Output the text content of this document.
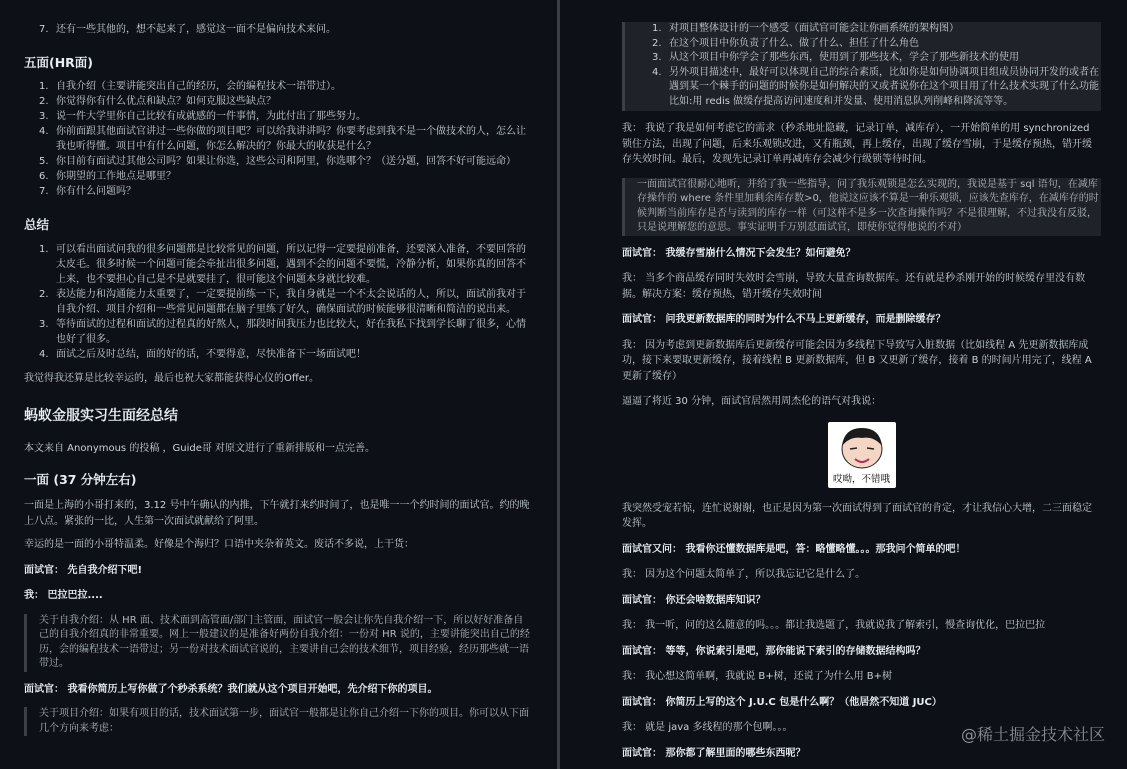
7. 还有一些其他的，想不起来了，感觉这一面不是偏向技术来问。
五面(HR面)
1. 自我介绍（主要讲能突出自己的经历，会的编程技术一语带过）。
2. 你觉得你有什么优点和缺点？如何克服这些缺点？
3. 说一件大学里你自己比较有成就感的一件事情，为此付出了那些努力。
4. 你前面跟其他面试官讲过一些你做的项目吧？可以给我讲讲吗？你要考虑到我不是一个做技术的人，怎么让我也听得懂。项目中有什么问题，你怎么解决的？你最大的收获是什么？
5. 你目前有面试过其他公司吗？如果让你选，这些公司和阿里，你选哪个？（送分题，回答不好可能远命）
6. 你期望的工作地点是哪里？
7. 你有什么问题吗？
总结
1. 可以看出面试问我的很多问题都是比较常见的问题，所以记得一定要提前准备，还要深入准备，不要回答的太皮毛。很多时候一个问题可能会牵扯出很多问题，遇到不会的问题不要慌，冷静分析，如果你真的回答不上来，也不要担心自己是不是就要挂了，很可能这个问题本身就比较难。
2. 表达能力和沟通能力太重要了，一定要提前练一下，我自身就是一个不太会说话的人，所以，面试前我对于自我介绍、项目介绍和一些常见问题都在脑子里练了好久，确保面试的时候能够很清晰和简洁的说出来。
3. 等待面试的过程和面试的过程真的好熬人，那段时间我压力也比较大，好在我私下找到学长聊了很多，心情也好了很多。
4. 面试之后及时总结，面的好的话，不要得意，尽快准备下一场面试吧！

我觉得我还算是比较幸运的，最后也祝大家都能获得心仪的Offer。

蚂蚁金服实习生面经总结

本文来自 Anonymous 的投稿 ，Guide哥 对原文进行了重新排版和一点完善。

一面 (37 分钟左右)

一面是上海的小哥打来的，3.12 号中午确认的内推，下午就打来约时间了，也是唯一一个约时间的面试官。约的晚上八点。紧张的一比，人生第一次面试就献给了阿里。

幸运的是一面的小哥特温柔。好像是个海归？口语中夹杂着英文。废话不多说，上干货：

面试官： 先自我介绍下吧!

我： 巴拉巴拉....

关于自我介绍：从 HR 面、技术面到高管面/部门主管面，面试官一般会让你先自我介绍一下，所以好好准备自己的自我介绍真的非常重要。网上一般建议的是准备好两份自我介绍：一份对 HR 说的，主要讲能突出自己的经历，会的编程技术一语带过；另一份对技术面试官说的，主要讲自己会的技术细节，项目经验，经历那些就一语带过。

面试官： 我看你简历上写你做了个秒杀系统？我们就从这个项目开始吧，先介绍下你的项目。

关于项目介绍：如果有项目的话，技术面试第一步，面试官一般都是让你自己介绍一下你的项目。你可以从下面几个方向来考虑：

1. 对项目整体设计的一个感受（面试官可能会让你画系统的架构图）
2. 在这个项目中你负责了什么、做了什么、担任了什么角色
3. 从这个项目中你学会了那些东西，使用到了那些技术，学会了那些新技术的使用
4. 另外项目描述中，最好可以体现自己的综合素质，比如你是如何协调项目组成员协同开发的或者在遇到某一个棘手的问题的时候你是如何解决的又或者说你在这个项目用了什么技术实现了什么功能比如:用 redis 做缓存提高访问速度和并发量、使用消息队列削峰和降流等等。

我： 我说了我是如何考虑它的需求（秒杀地址隐藏，记录订单，减库存），一开始简单的用 synchronized 锁住方法，出现了问题，后来乐观锁改进，又有瓶颈，再上缓存，出现了缓存雪崩，于是缓存预热，错开缓存失效时间。最后，发现先记录订单再减库存会减少行级锁等待时间。

一面面试官很耐心地听，并给了我一些指导，问了我乐观锁是怎么实现的，我说是基于 sql 语句，在减库存操作的 where 条件里加剩余库存数>0，他说这应该不算是一种乐观锁，应该先查库存，在减库存的时候判断当前库存是否与读到的库存一样（可这样不是多一次查询操作吗？不是很理解，不过我没有反驳，只是说理解您的意思。事实证明千万别怼面试官，即使你觉得他说的不对）

面试官： 我缓存雪崩什么情况下会发生？如何避免？

我： 当多个商品缓存同时失效时会雪崩，导致大量查询数据库。还有就是秒杀刚开始的时候缓存里没有数据。解决方案：缓存预热，错开缓存失效时间

面试官： 问我更新数据库的同时为什么不马上更新缓存，而是删除缓存？

我： 因为考虑到更新数据库后更新缓存可能会因为多线程下导致写入脏数据（比如线程 A 先更新数据库成功，接下来要取更新缓存，接着线程 B 更新数据库，但 B 又更新了缓存，接着 B 的时间片用完了，线程 A 更新了缓存）

逼逼了将近 30 分钟，面试官居然用周杰伦的语气对我说：

哎呦，不错哦

我突然受宠若惊，连忙说谢谢，也正是因为第一次面试得到了面试官的肯定，才让我信心大增，二三面稳定发挥。

面试官又问： 我看你还懂数据库是吧，答：略懂略懂。。。那我问个简单的吧！

我： 因为这个问题太简单了，所以我忘记它是什么了。

面试官： 你还会啥数据库知识？

我： 我一听，问的这么随意的吗。。。都让我选题了，我就说我了解索引，慢查询优化，巴拉巴拉

面试官： 等等，你说索引是吧，那你能说下索引的存储数据结构吗？

我： 我心想这简单啊，我就说 B+树，还说了为什么用 B+树

面试官： 你简历上写的这个 J.U.C 包是什么啊？（他居然不知道 JUC）

我： 就是 java 多线程的那个包啊。。。

面试官： 那你都了解里面的哪些东西呢？

@稀土掘金技术社区
